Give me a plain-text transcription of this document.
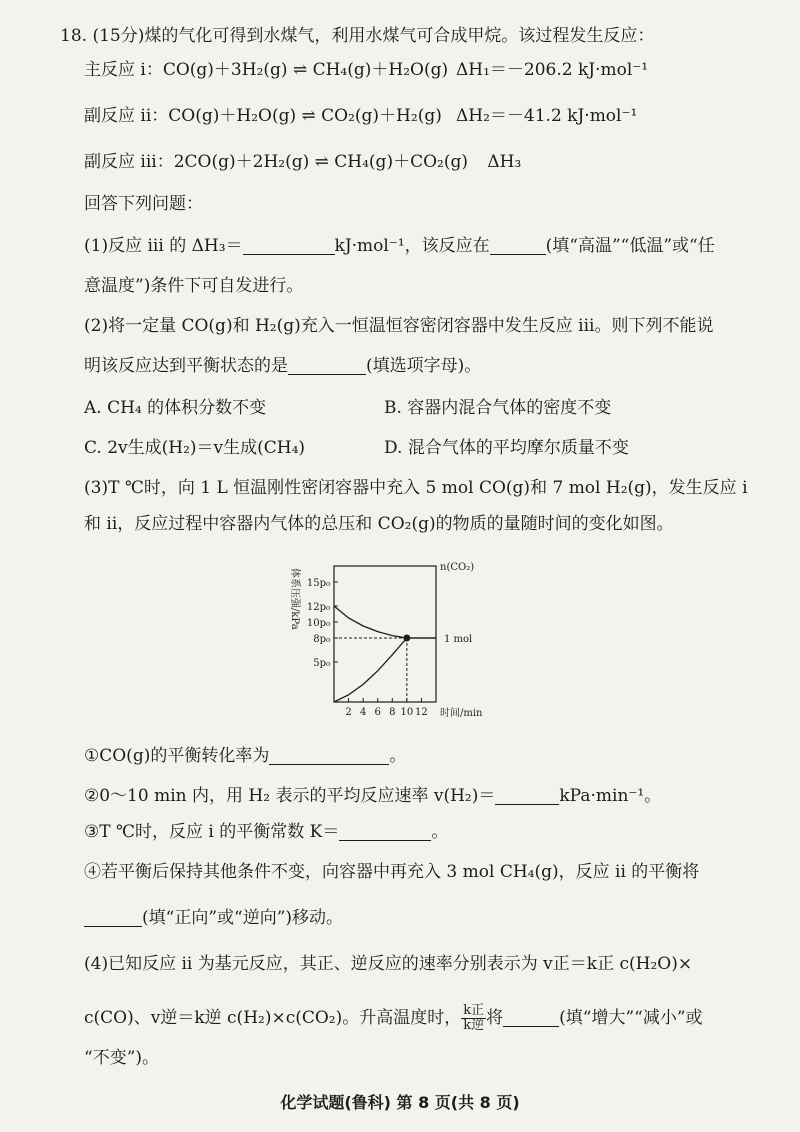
18. (15分)煤的气化可得到水煤气，利用水煤气可合成甲烷。该过程发生反应：
主反应 i：CO(g)＋3H₂(g) ⇌ CH₄(g)＋H₂O(g) ΔH₁＝－206.2 kJ·mol⁻¹
副反应 ii：CO(g)＋H₂O(g) ⇌ CO₂(g)＋H₂(g) ΔH₂＝－41.2 kJ·mol⁻¹
副反应 iii：2CO(g)＋2H₂(g) ⇌ CH₄(g)＋CO₂(g) ΔH₃
回答下列问题：
(1)反应 iii 的 ΔH₃＝	kJ·mol⁻¹，该反应在	(填“高温”“低温”或“任
意温度”)条件下可自发进行。
(2)将一定量 CO(g)和 H₂(g)充入一恒温恒容密闭容器中发生反应 iii。则下列不能说
明该反应达到平衡状态的是	(填选项字母)。
A. CH₄ 的体积分数不变	B. 容器内混合气体的密度不变
C. 2v生成(H₂)＝v生成(CH₄)	D. 混合气体的平均摩尔质量不变
(3)T ℃时，向 1 L 恒温刚性密闭容器中充入 5 mol CO(g)和 7 mol H₂(g)，发生反应 i
和 ii，反应过程中容器内气体的总压和 CO₂(g)的物质的量随时间的变化如图。
15p₀
12p₀
10p₀
8p₀
5p₀
2 4 6 8 10 12
体系压强/kPa
n(CO₂)
1 mol
时间/min
①CO(g)的平衡转化率为	。
②0～10 min 内，用 H₂ 表示的平均反应速率 v(H₂)＝	kPa·min⁻¹。
③T ℃时，反应 i 的平衡常数 K＝	。
④若平衡后保持其他条件不变，向容器中再充入 3 mol CH₄(g)，反应 ii 的平衡将
(填“正向”或“逆向”)移动。
(4)已知反应 ii 为基元反应，其正、逆反应的速率分别表示为 v正＝k正 c(H₂O)×
c(CO)、v逆＝k逆 c(H₂)×c(CO₂)。升高温度时， $\frac{\text{k正}}{\text{k逆}}$ 将	(填“增大”“减小”或
“不变”)。
化学试题(鲁科) 第 8 页(共 8 页)
